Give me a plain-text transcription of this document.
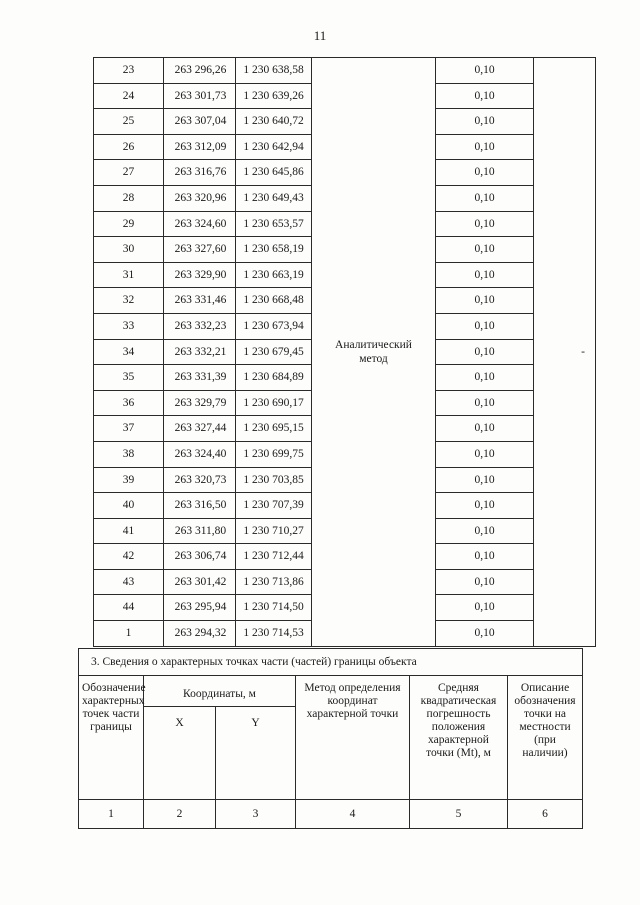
11
23	263 296,26	1 230 638,58	Аналитический метод	0,10	-
24	263 301,73	1 230 639,26		0,10	
25	263 307,04	1 230 640,72		0,10	
26	263 312,09	1 230 642,94		0,10	
27	263 316,76	1 230 645,86		0,10	
28	263 320,96	1 230 649,43		0,10	
29	263 324,60	1 230 653,57		0,10	
30	263 327,60	1 230 658,19		0,10	
31	263 329,90	1 230 663,19		0,10	
32	263 331,46	1 230 668,48		0,10	
33	263 332,23	1 230 673,94		0,10	
34	263 332,21	1 230 679,45		0,10	
35	263 331,39	1 230 684,89		0,10	
36	263 329,79	1 230 690,17		0,10	
37	263 327,44	1 230 695,15		0,10	
38	263 324,40	1 230 699,75		0,10	
39	263 320,73	1 230 703,85		0,10	
40	263 316,50	1 230 707,39		0,10	
41	263 311,80	1 230 710,27		0,10	
42	263 306,74	1 230 712,44		0,10	
43	263 301,42	1 230 713,86		0,10	
44	263 295,94	1 230 714,50		0,10	
1	263 294,32	1 230 714,53		0,10	
3. Сведения о характерных точках части (частей) границы объекта					
Обозначение характерных точек части границы	Координаты, м		Метод определения координат характерной точки	Средняя квадратическая погрешность положения характерной точки (Mt), м	Описание обозначения точки на местности (при наличии)
	X	Y			
1	2	3	4	5	6
